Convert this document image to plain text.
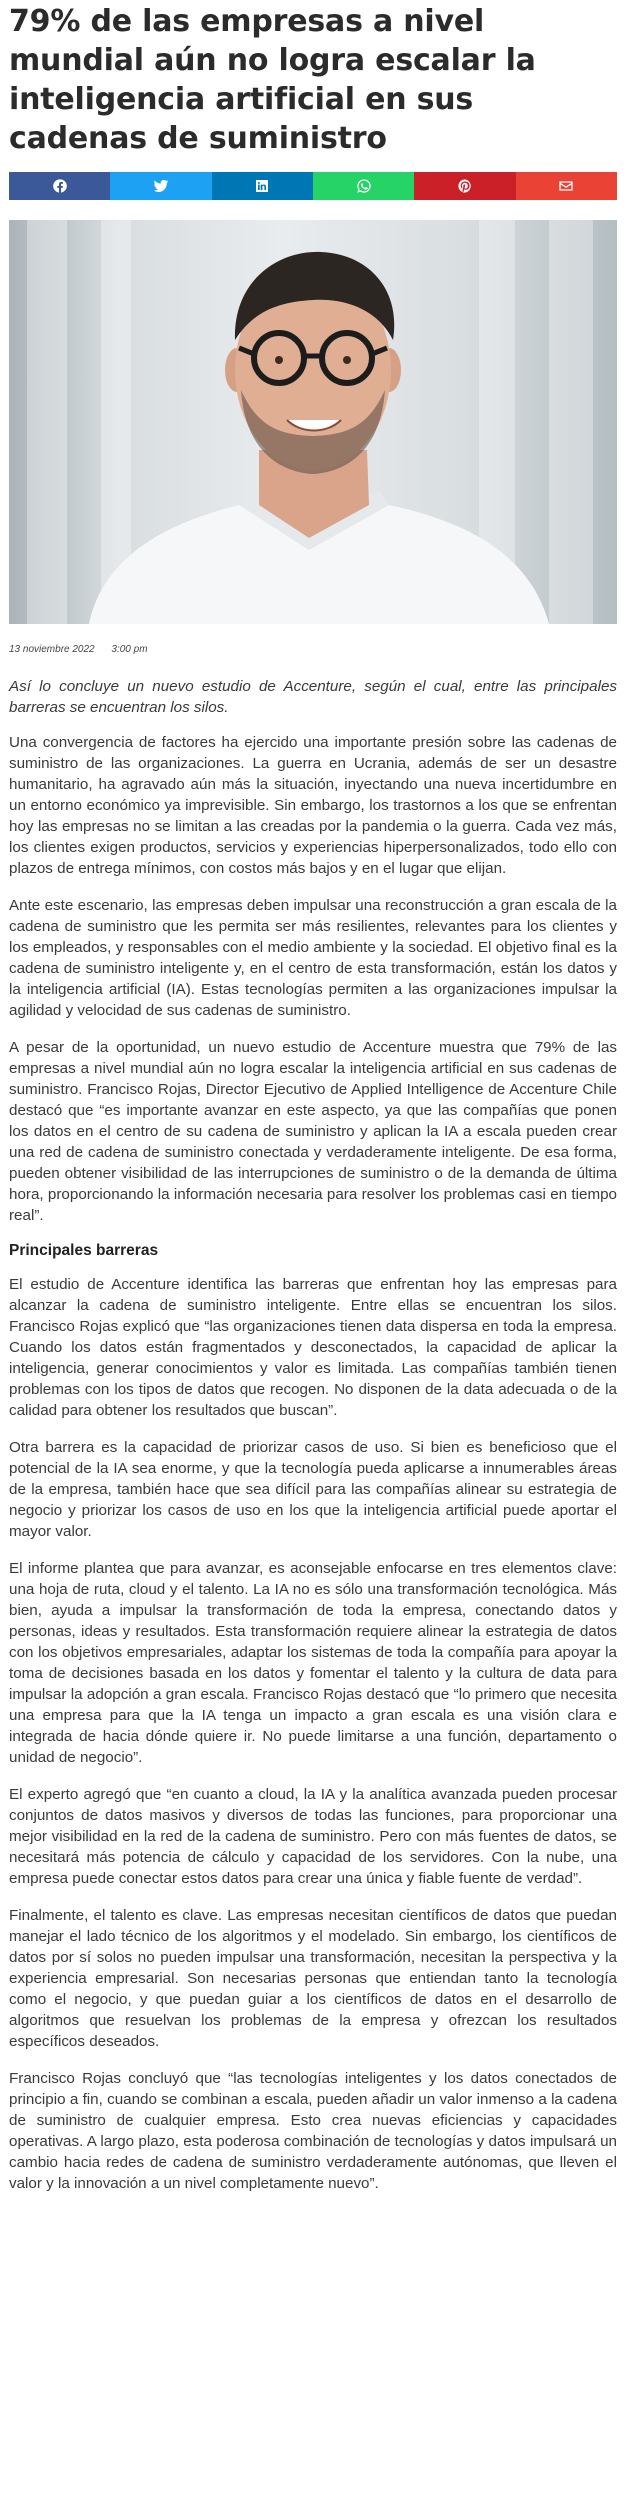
79% de las empresas a nivel mundial aún no logra escalar la inteligencia artificial en sus cadenas de suministro
13 noviembre 2022 3:00 pm

Así lo concluye un nuevo estudio de Accenture, según el cual, entre las principales barreras se encuentran los silos.

Una convergencia de factores ha ejercido una importante presión sobre las cadenas de suministro de las organizaciones. La guerra en Ucrania, además de ser un desastre humanitario, ha agravado aún más la situación, inyectando una nueva incertidumbre en un entorno económico ya imprevisible. Sin embargo, los trastornos a los que se enfrentan hoy las empresas no se limitan a las creadas por la pandemia o la guerra. Cada vez más, los clientes exigen productos, servicios y experiencias hiperpersonalizados, todo ello con plazos de entrega mínimos, con costos más bajos y en el lugar que elijan.

Ante este escenario, las empresas deben impulsar una reconstrucción a gran escala de la cadena de suministro que les permita ser más resilientes, relevantes para los clientes y los empleados, y responsables con el medio ambiente y la sociedad. El objetivo final es la cadena de suministro inteligente y, en el centro de esta transformación, están los datos y la inteligencia artificial (IA). Estas tecnologías permiten a las organizaciones impulsar la agilidad y velocidad de sus cadenas de suministro.

A pesar de la oportunidad, un nuevo estudio de Accenture muestra que 79% de las empresas a nivel mundial aún no logra escalar la inteligencia artificial en sus cadenas de suministro. Francisco Rojas, Director Ejecutivo de Applied Intelligence de Accenture Chile destacó que “es importante avanzar en este aspecto, ya que las compañías que ponen los datos en el centro de su cadena de suministro y aplican la IA a escala pueden crear una red de cadena de suministro conectada y verdaderamente inteligente. De esa forma, pueden obtener visibilidad de las interrupciones de suministro o de la demanda de última hora, proporcionando la información necesaria para resolver los problemas casi en tiempo real”.

Principales barreras

El estudio de Accenture identifica las barreras que enfrentan hoy las empresas para alcanzar la cadena de suministro inteligente. Entre ellas se encuentran los silos. Francisco Rojas explicó que “las organizaciones tienen data dispersa en toda la empresa. Cuando los datos están fragmentados y desconectados, la capacidad de aplicar la inteligencia, generar conocimientos y valor es limitada. Las compañías también tienen problemas con los tipos de datos que recogen. No disponen de la data adecuada o de la calidad para obtener los resultados que buscan”.

Otra barrera es la capacidad de priorizar casos de uso. Si bien es beneficioso que el potencial de la IA sea enorme, y que la tecnología pueda aplicarse a innumerables áreas de la empresa, también hace que sea difícil para las compañías alinear su estrategia de negocio y priorizar los casos de uso en los que la inteligencia artificial puede aportar el mayor valor.

El informe plantea que para avanzar, es aconsejable enfocarse en tres elementos clave: una hoja de ruta, cloud y el talento. La IA no es sólo una transformación tecnológica. Más bien, ayuda a impulsar la transformación de toda la empresa, conectando datos y personas, ideas y resultados. Esta transformación requiere alinear la estrategia de datos con los objetivos empresariales, adaptar los sistemas de toda la compañía para apoyar la toma de decisiones basada en los datos y fomentar el talento y la cultura de data para impulsar la adopción a gran escala. Francisco Rojas destacó que “lo primero que necesita una empresa para que la IA tenga un impacto a gran escala es una visión clara e integrada de hacia dónde quiere ir. No puede limitarse a una función, departamento o unidad de negocio”.

El experto agregó que “en cuanto a cloud, la IA y la analítica avanzada pueden procesar conjuntos de datos masivos y diversos de todas las funciones, para proporcionar una mejor visibilidad en la red de la cadena de suministro. Pero con más fuentes de datos, se necesitará más potencia de cálculo y capacidad de los servidores. Con la nube, una empresa puede conectar estos datos para crear una única y fiable fuente de verdad”.

Finalmente, el talento es clave. Las empresas necesitan científicos de datos que puedan manejar el lado técnico de los algoritmos y el modelado. Sin embargo, los científicos de datos por sí solos no pueden impulsar una transformación, necesitan la perspectiva y la experiencia empresarial. Son necesarias personas que entiendan tanto la tecnología como el negocio, y que puedan guiar a los científicos de datos en el desarrollo de algoritmos que resuelvan los problemas de la empresa y ofrezcan los resultados específicos deseados.

Francisco Rojas concluyó que “las tecnologías inteligentes y los datos conectados de principio a fin, cuando se combinan a escala, pueden añadir un valor inmenso a la cadena de suministro de cualquier empresa. Esto crea nuevas eficiencias y capacidades operativas. A largo plazo, esta poderosa combinación de tecnologías y datos impulsará un cambio hacia redes de cadena de suministro verdaderamente autónomas, que lleven el valor y la innovación a un nivel completamente nuevo”.
